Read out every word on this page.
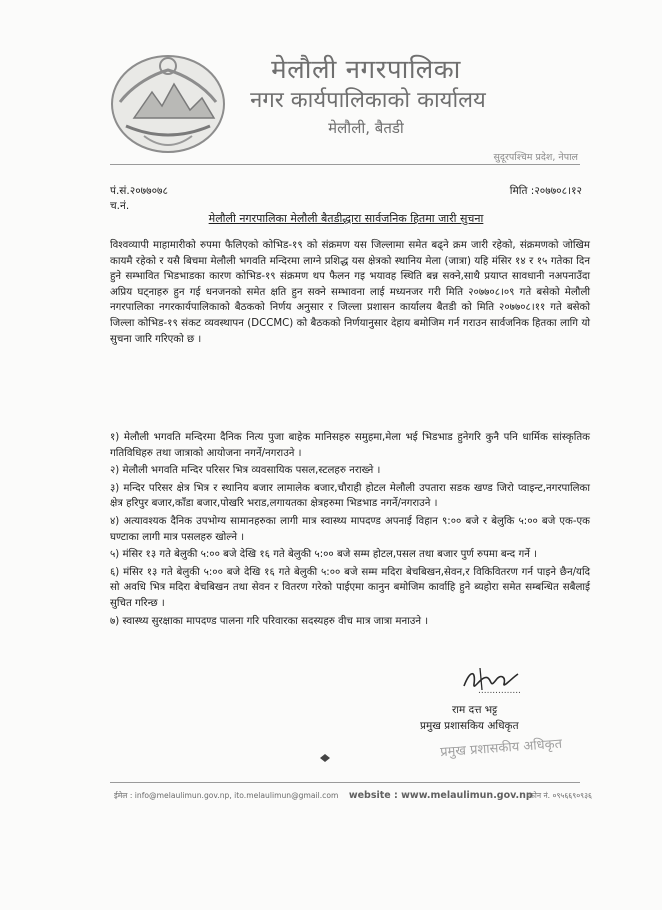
मेलौली नगरपालिका
नगर कार्यपालिकाको कार्यालय
मेलौली, बैतडी
सुदूरपश्चिम प्रदेश, नेपाल
पं.सं.२०७७०७८
च.नं.
मिति :२०७७०८।१२
मेलौली नगरपालिका मेलौली बैतडीद्धारा सार्वजनिक हितमा जारी सुचना

विश्वव्यापी माहामारीको रुपमा फैलिएको कोभिड-१९ को संक्रमण यस जिल्लामा समेत बढ्ने क्रम जारी रहेको, संक्रमणको जोखिम कायमै रहेको र यसै बिचमा मेलौली भगवति मन्दिरमा लाग्ने प्रशिद्ध यस क्षेत्रको स्थानिय मेला (जात्रा) यहि मंसिर १४ र १५ गतेका दिन हुने सम्भावित भिडभाडका कारण कोभिड-१९ संक्रमण थप फैलन गइ भयावह स्थिति बन्न सक्ने,साथै प्रयाप्त सावधानी नअपनाउँदा अप्रिय घट्नाहरु हुन गई धनजनको समेत क्षति हुन सक्ने सम्भावना लाई मध्यनजर गरी मिति २०७७०८।०९ गते बसेको मेलौली नगरपालिका नगरकार्यपालिकाको बैठकको निर्णय अनुसार र जिल्ला प्रशासन कार्यालय बैतडी को मिति २०७७०८।११ गते बसेको जिल्ला कोभिड-१९ संकट व्यवस्थापन (DCCMC) को बैठकको निर्णयानुसार देहाय बमोजिम गर्न गराउन सार्वजनिक हितका लागि यो सुचना जारि गरिएको छ ।

१) मेलौली भगवति मन्दिरमा दैनिक नित्य पुजा बाहेक मानिसहरु समुहमा,मेला भई भिडभाड हुनेगरि कुनै पनि धार्मिक सांस्कृतिक गतिविधिहरु तथा जात्राको आयोजना नगर्ने/नगराउने ।

२) मेलौली भगवति मन्दिर परिसर भित्र व्यवसायिक पसल,स्टलहरु नराख्ने ।

३) मन्दिर परिसर क्षेत्र भित्र र स्थानिय बजार लामालेक बजार,चौराही होटल मेलौली उपतारा सडक खण्ड जिरो प्वाइन्ट,नगरपालिका क्षेत्र हरिपुर बजार,काँडा बजार,पोखरि भराड,लगायतका क्षेत्रहरुमा भिडभाड नगर्ने/नगराउने ।

४) अत्यावश्यक दैनिक उपभोग्य सामानहरुका लागी मात्र स्वास्थ्य मापदण्ड अपनाई विहान ९:०० बजे र बेलुकि ५:०० बजे एक-एक घण्टाका लागी मात्र पसलहरु खोल्ने ।

५) मंसिर १३ गते बेलुकी ५:०० बजे देखि १६ गते बेलुकी ५:०० बजे सम्म होटल,पसल तथा बजार पुर्ण रुपमा बन्द गर्ने ।

६) मंसिर १३ गते बेलुकी ५:०० बजे देखि १६ गते बेलुकी ५:०० बजे सम्म मदिरा बेचबिखन,सेवन,र विकिवितरण गर्न पाइने छैन/यदि सो अवधि भित्र मदिरा बेचबिखन तथा सेवन र वितरण गरेको पाईएमा कानुन बमोजिम कार्वाहि हुने ब्यहोरा समेत सम्बन्धित सबैलाई सुचित गरिन्छ ।

७) स्वास्थ्य सुरक्षाका मापदण्ड पालना गरि परिवारका सदस्यहरु वीच मात्र जात्रा मनाउने ।

...............
राम दत्त भट्ट
प्रमुख प्रशासकिय अधिकृत
प्रमुख प्रशासकीय अधिकृत
ईमेल : info@melaulimun.gov.np, ito.melaulimun@gmail.com website : www.melaulimun.gov.np
फोन नं. ०९५६६९०९३६
